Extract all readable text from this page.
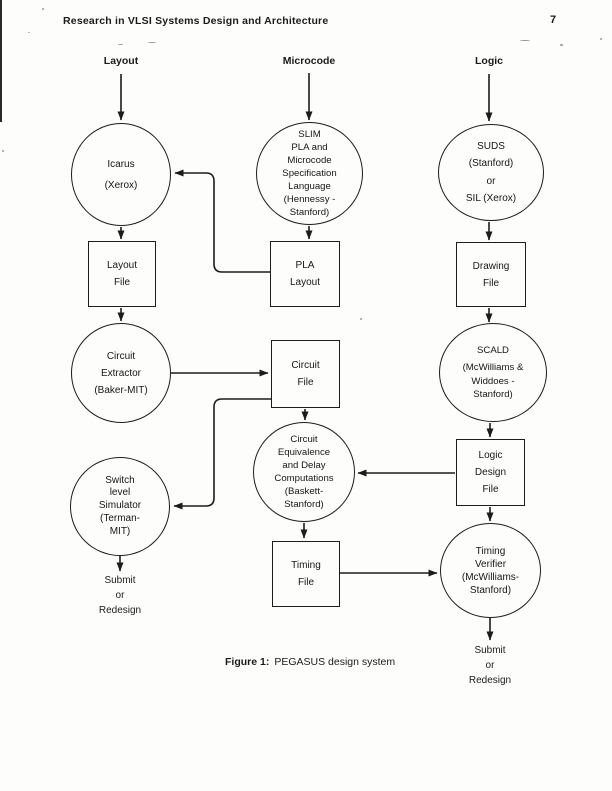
Research in VLSI Systems Design and Architecture	7
Layout	Microcode	Logic
Icarus
(Xerox)
SLIM
PLA and
Microcode
Specification
Language
(Hennessy -
Stanford)
SUDS
(Stanford)
or
SIL (Xerox)
Layout
File
PLA
Layout
Drawing
File
Circuit
Extractor
(Baker-MIT)
Circuit
File
SCALD
(McWilliams &
Widdoes -
Stanford)
Circuit
Equivalence
and Delay
Computations
(Baskett-
Stanford)
Logic
Design
File
Switch
level
Simulator
(Terman-
MIT)
Timing
File
Timing
Verifier
(McWilliams-
Stanford)
Submit
or
Redesign
Submit
or
Redesign
Figure 1: PEGASUS design system
